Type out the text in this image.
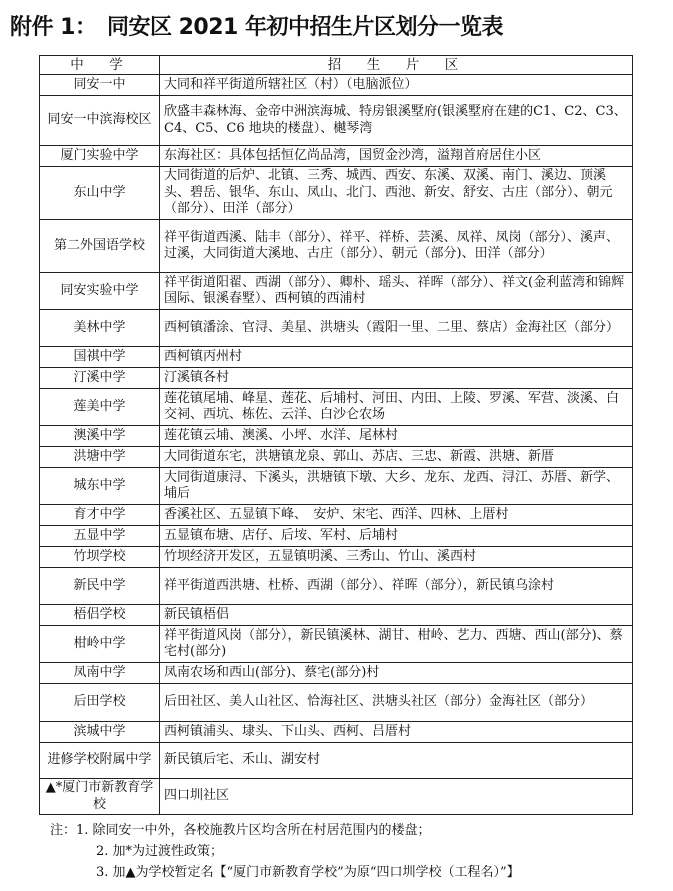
附件 1：　同安区 2021 年初中招生片区划分一览表
中　学	招　生　片　区
同安一中	大同和祥平街道所辖社区（村）（电脑派位）
同安一中滨海校区	欣盛丰森林海、金帝中洲滨海城、特房银溪墅府(银溪墅府在建的C1、C2、C3、C4、C5、C6 地块的楼盘）、樾琴湾
厦门实验中学	东海社区：具体包括恒亿尚品湾，国贸金沙湾，溢翔首府居住小区
东山中学	大同街道的后炉、北镇、三秀、城西、西安、东溪、双溪、南门、溪边、顶溪头、碧岳、银华、东山、凤山、北门、西池、新安、舒安、古庄（部分）、朝元（部分）、田洋（部分）
第二外国语学校	祥平街道西溪、陆丰（部分）、祥平、祥桥、芸溪、凤祥、凤岗（部分）、溪声、过溪，大同街道大溪地、古庄（部分）、朝元（部分)、田洋（部分）
同安实验中学	祥平街道阳翟、西湖（部分）、卿朴、瑶头、祥晖（部分）、祥文(金利蓝湾和锦辉国际、银溪春墅）、西柯镇的西浦村
美林中学	西柯镇潘涂、官浔、美星、洪塘头（霞阳一里、二里、蔡店）金海社区（部分）
国祺中学	西柯镇丙州村
汀溪中学	汀溪镇各村
莲美中学	莲花镇尾埔、峰星、莲花、后埔村、河田、内田、上陵、罗溪、军营、淡溪、白交祠、西坑、栋佐、云洋、白沙仑农场
澳溪中学	莲花镇云埔、澳溪、小坪、水洋、尾林村
洪塘中学	大同街道东宅，洪塘镇龙泉、郭山、苏店、三忠、新霞、洪塘、新厝
城东中学	大同街道康浔、下溪头，洪塘镇下墩、大乡、龙东、龙西、浔江、苏厝、新学、埔后
育才中学	香溪社区、五显镇下峰、　安炉、宋宅、西洋、四林、上厝村
五显中学	五显镇布塘、店仔、后垵、军村、后埔村
竹坝学校	竹坝经济开发区，五显镇明溪、三秀山、竹山、溪西村
新民中学	祥平街道西洪塘、杜桥、西湖（部分）、祥晖（部分），新民镇乌涂村
梧侣学校	新民镇梧侣
柑岭中学	祥平街道风岗（部分），新民镇溪林、湖甘、柑岭、艺力、西塘、西山(部分)、蔡宅村(部分)
凤南中学	凤南农场和西山(部分)、蔡宅(部分)村
后田学校	后田社区、美人山社区、恰海社区、洪塘头社区（部分）金海社区（部分）
滨城中学	西柯镇浦头、埭头、下山头、西柯、吕厝村
进修学校附属中学	新民镇后宅、禾山、湖安村
▲*厦门市新教育学校	四口圳社区
注：1. 除同安一中外，各校施教片区均含所在村居范围内的楼盘；
2. 加*为过渡性政策；
3. 加▲为学校暂定名【“厦门市新教育学校”为原“四口圳学校（工程名）”】
